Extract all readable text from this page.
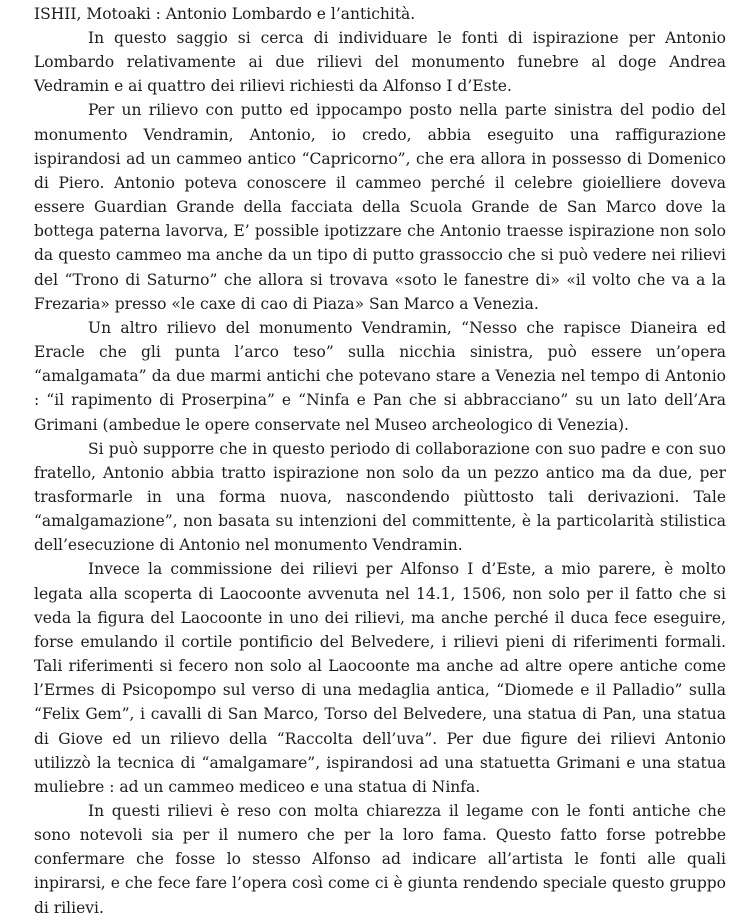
ISHII, Motoaki : Antonio Lombardo e l’antichità.

In questo saggio si cerca di individuare le fonti di ispirazione per Antonio Lombardo relativamente ai due rilievi del monumento funebre al doge Andrea Vedramin e ai quattro dei rilievi richiesti da Alfonso I d’Este.

Per un rilievo con putto ed ippocampo posto nella parte sinistra del podio del monumento Vendramin, Antonio, io credo, abbia eseguito una raffigurazione ispirandosi ad un cammeo antico “Capricorno”, che era allora in possesso di Domenico di Piero. Antonio poteva conoscere il cammeo perché il celebre gioielliere doveva essere Guardian Grande della facciata della Scuola Grande de San Marco dove la bottega paterna lavorva, E’ possible ipotizzare che Antonio traesse ispirazione non solo da questo cammeo ma anche da un tipo di putto grassoccio che si può vedere nei rilievi del “Trono di Saturno” che allora si trovava «soto le fanestre di» «il volto che va a la Frezaria» presso «le caxe di cao di Piaza» San Marco a Venezia.

Un altro rilievo del monumento Vendramin, “Nesso che rapisce Dianeira ed Eracle che gli punta l’arco teso” sulla nicchia sinistra, può essere un’opera “amalgamata” da due marmi antichi che potevano stare a Venezia nel tempo di Antonio : “il rapimento di Proserpina” e “Ninfa e Pan che si abbracciano” su un lato dell’Ara Grimani (ambedue le opere conservate nel Museo archeologico di Venezia).

Si può supporre che in questo periodo di collaborazione con suo padre e con suo fratello, Antonio abbia tratto ispirazione non solo da un pezzo antico ma da due, per trasformarle in una forma nuova, nascondendo piùttosto tali derivazioni. Tale “amalgamazione”, non basata su intenzioni del committente, è la particolarità stilistica dell’esecuzione di Antonio nel monumento Vendramin.

Invece la commissione dei rilievi per Alfonso I d’Este, a mio parere, è molto legata alla scoperta di Laocoonte avvenuta nel 14.1, 1506, non solo per il fatto che si veda la figura del Laocoonte in uno dei rilievi, ma anche perché il duca fece eseguire, forse emulando il cortile pontificio del Belvedere, i rilievi pieni di riferimenti formali. Tali riferimenti si fecero non solo al Laocoonte ma anche ad altre opere antiche come l’Ermes di Psicopompo sul verso di una medaglia antica, “Diomede e il Palladio” sulla “Felix Gem”, i cavalli di San Marco, Torso del Belvedere, una statua di Pan, una statua di Giove ed un rilievo della “Raccolta dell’uva”. Per due figure dei rilievi Antonio utilizzò la tecnica di “amalgamare”, ispirandosi ad una statuetta Grimani e una statua muliebre : ad un cammeo mediceo e una statua di Ninfa.

In questi rilievi è reso con molta chiarezza il legame con le fonti antiche che sono notevoli sia per il numero che per la loro fama. Questo fatto forse potrebbe confermare che fosse lo stesso Alfonso ad indicare all’artista le fonti alle quali inpirarsi, e che fece fare l’opera così come ci è giunta rendendo speciale questo gruppo di rilievi.
